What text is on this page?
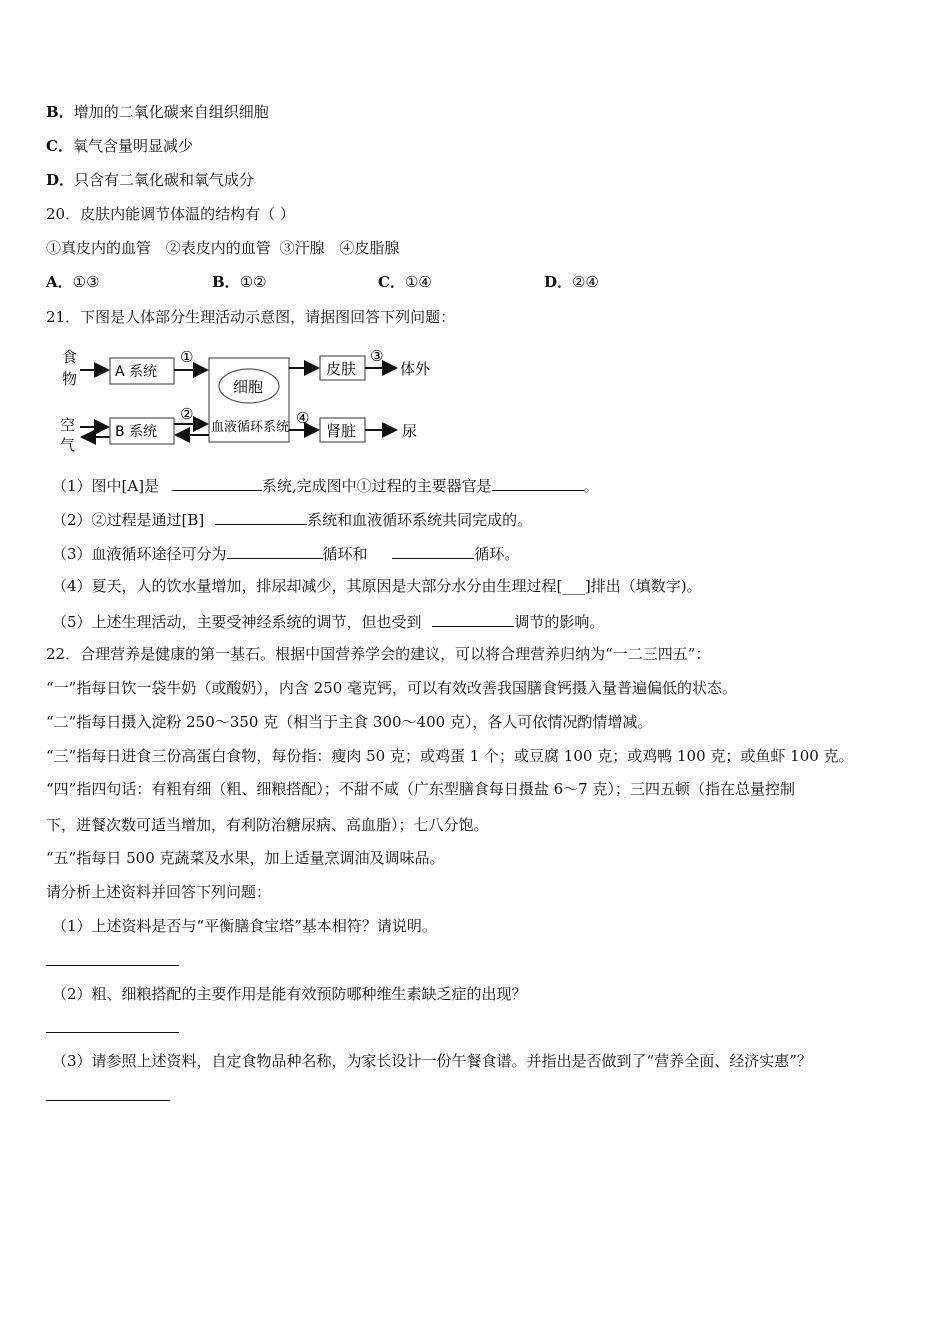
B．增加的二氧化碳来自组织细胞
C．氧气含量明显减少
D．只含有二氧化碳和氧气成分
20．皮肤内能调节体温的结构有（ ）
①真皮内的血管 ②表皮内的血管 ③汗腺 ④皮脂腺
A．①③	B．①②	C．①④	D．②④
21．下图是人体部分生理活动示意图，请据图回答下列问题：
食
物
空
气
A 系统
①
细胞
血液循环系统
皮肤
③
体外
B 系统
②	④
肾脏	尿
（1）图中[A]是	系统,完成图中①过程的主要器官是	。
（2）②过程是通过[B]	系统和血液循环系统共同完成的。
（3）血液循环途径可分为	循环和	循环。
（4）夏天，人的饮水量增加，排尿却减少，其原因是大部分水分由生理过程[___]排出（填数字)。
（5）上述生理活动，主要受神经系统的调节，但也受到	调节的影响。
22．合理营养是健康的第一基石。根据中国营养学会的建议，可以将合理营养归纳为“一二三四五”：
“一”指每日饮一袋牛奶（或酸奶），内含 250 毫克钙，可以有效改善我国膳食钙摄入量普遍偏低的状态。
“二”指每日摄入淀粉 250～350 克（相当于主食 300～400 克），各人可依情况酌情增减。
“三”指每日进食三份高蛋白食物，每份指：瘦肉 50 克；或鸡蛋 1 个；或豆腐 100 克；或鸡鸭 100 克；或鱼虾 100 克。
“四”指四句话：有粗有细（粗、细粮搭配）；不甜不咸（广东型膳食每日摄盐 6～7 克）；三四五顿（指在总量控制
下，进餐次数可适当增加，有利防治糖尿病、高血脂）；七八分饱。
“五”指每日 500 克蔬菜及水果，加上适量烹调油及调味品。
请分析上述资料并回答下列问题：
（1）上述资料是否与“平衡膳食宝塔”基本相符？请说明。
（2）粗、细粮搭配的主要作用是能有效预防哪种维生素缺乏症的出现？
（3）请参照上述资料，自定食物品种名称，为家长设计一份午餐食谱。并指出是否做到了“营养全面、经济实惠”？
